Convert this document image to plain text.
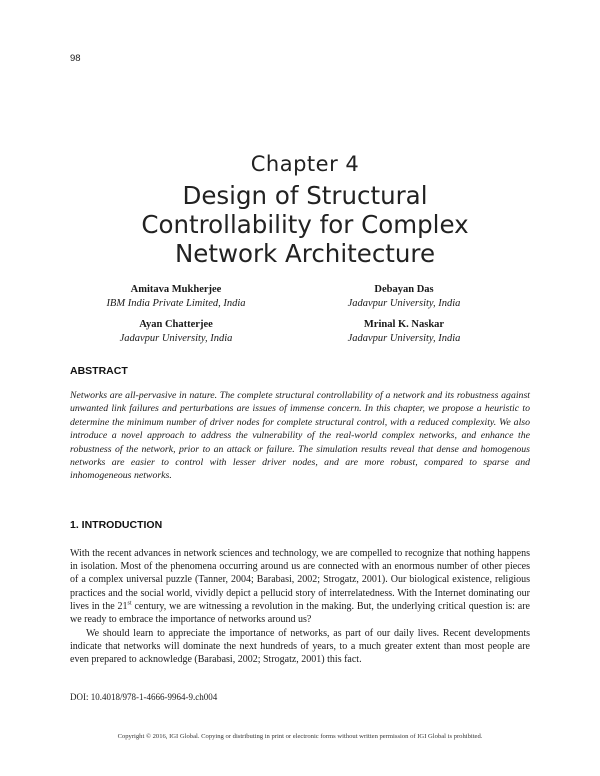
98
Chapter 4
Design of Structural
Controllability for Complex
Network Architecture
Amitava Mukherjee
IBM India Private Limited, India
Debayan Das
Jadavpur University, India
Ayan Chatterjee
Jadavpur University, India
Mrinal K. Naskar
Jadavpur University, India
ABSTRACT

Networks are all-pervasive in nature. The complete structural controllability of a network and its robustness against unwanted link failures and perturbations are issues of immense concern. In this chapter, we propose a heuristic to determine the minimum number of driver nodes for complete structural control, with a reduced complexity. We also introduce a novel approach to address the vulnerability of the real-world complex networks, and enhance the robustness of the network, prior to an attack or failure. The simulation results reveal that dense and homogenous networks are easier to control with lesser driver nodes, and are more robust, compared to sparse and inhomogeneous networks.

1. INTRODUCTION

With the recent advances in network sciences and technology, we are compelled to recognize that nothing happens in isolation. Most of the phenomena occurring around us are connected with an enormous number of other pieces of a complex universal puzzle (Tanner, 2004; Barabasi, 2002; Strogatz, 2001). Our biological existence, religious practices and the social world, vividly depict a pellucid story of interrelatedness. With the Internet dominating our lives in the 21st century, we are witnessing a revolution in the making. But, the underlying critical question is: are we ready to embrace the importance of networks around us?

We should learn to appreciate the importance of networks, as part of our daily lives. Recent developments indicate that networks will dominate the next hundreds of years, to a much greater extent than most people are even prepared to acknowledge (Barabasi, 2002; Strogatz, 2001) this fact.

DOI: 10.4018/978-1-4666-9964-9.ch004
Copyright © 2016, IGI Global. Copying or distributing in print or electronic forms without written permission of IGI Global is prohibited.
